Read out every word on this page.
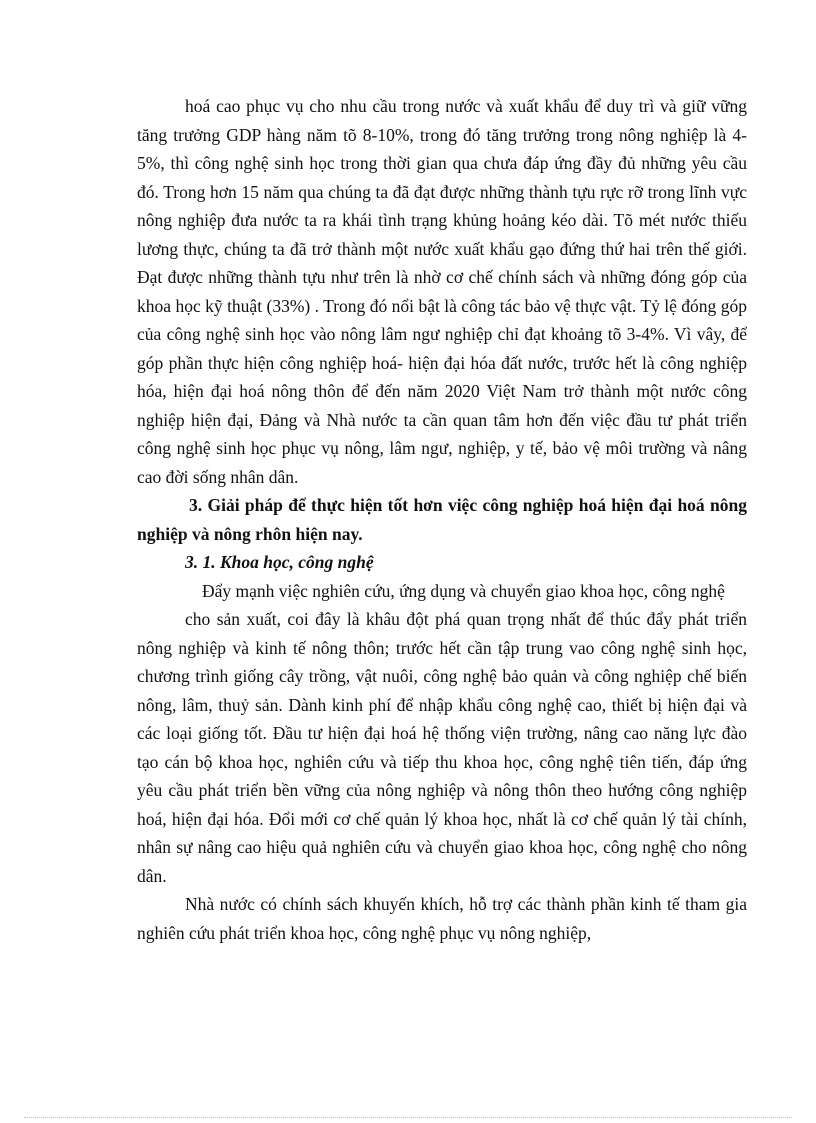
hoá cao phục vụ cho nhu cầu trong nước và xuất khẩu để duy trì và giữ vững tăng trưởng GDP hàng năm tõ 8-10%, trong đó tăng trưởng trong nông nghiệp là 4-5%, thì công nghệ sinh học trong thời gian qua chưa đáp ứng đầy đủ những yêu cầu đó. Trong hơn 15 năm qua chúng ta đã đạt được những thành tựu rực rỡ trong lĩnh vực nông nghiệp đưa nước ta ra khái tình trạng khủng hoảng kéo dài. Tõ mét nước thiếu lương thực, chúng ta đã trở thành một nước xuất khẩu gạo đứng thứ hai trên thế giới. Đạt được những thành tựu như trên là nhờ cơ chế chính sách và những đóng góp của khoa học kỹ thuật (33%) . Trong đó nổi bật là công tác bảo vệ thực vật. Tỷ lệ đóng góp của công nghệ sinh học vào nông lâm ngư nghiệp chỉ đạt khoảng tõ 3-4%. Vì vây, để góp phần thực hiện công nghiệp hoá- hiện đại hóa đất nước, trước hết là công nghiệp hóa, hiện đại hoá nông thôn để đến năm 2020 Việt Nam trở thành một nước công nghiệp hiện đại, Đảng và Nhà nước ta cần quan tâm hơn đến việc đầu tư phát triển công nghệ sinh học phục vụ nông, lâm ngư, nghiệp, y tế, bảo vệ môi trường và nâng cao đời sống nhân dân.

3. Giải pháp để thực hiện tốt hơn việc công nghiệp hoá hiện đại hoá nông nghiệp và nông rhôn hiện nay.

3. 1. Khoa học, công nghệ

Đẩy mạnh việc nghiên cứu, ứng dụng và chuyển giao khoa học, công nghệ

cho sản xuất, coi đây là khâu đột phá quan trọng nhất để thúc đẩy phát triển nông nghiệp và kinh tế nông thôn; trước hết cần tập trung vao công nghệ sinh học, chương trình giống cây trồng, vật nuôi, công nghệ bảo quản và công nghiệp chế biến nông, lâm, thuỷ sản. Dành kinh phí để nhập khẩu công nghệ cao, thiết bị hiện đại và các loại giống tốt. Đầu tư hiện đại hoá hệ thống viện trường, nâng cao năng lực đào tạo cán bộ khoa học, nghiên cứu và tiếp thu khoa học, công nghệ tiên tiến, đáp ứng yêu cầu phát triển bền vững của nông nghiệp và nông thôn theo hướng công nghiệp hoá, hiện đại hóa. Đổi mới cơ chế quản lý khoa học, nhất là cơ chế quản lý tài chính, nhân sự nâng cao hiệu quả nghiên cứu và chuyển giao khoa học, công nghệ cho nông dân.

Nhà nước có chính sách khuyến khích, hỗ trợ các thành phần kinh tế tham gia nghiên cứu phát triển khoa học, công nghệ phục vụ nông nghiệp,
